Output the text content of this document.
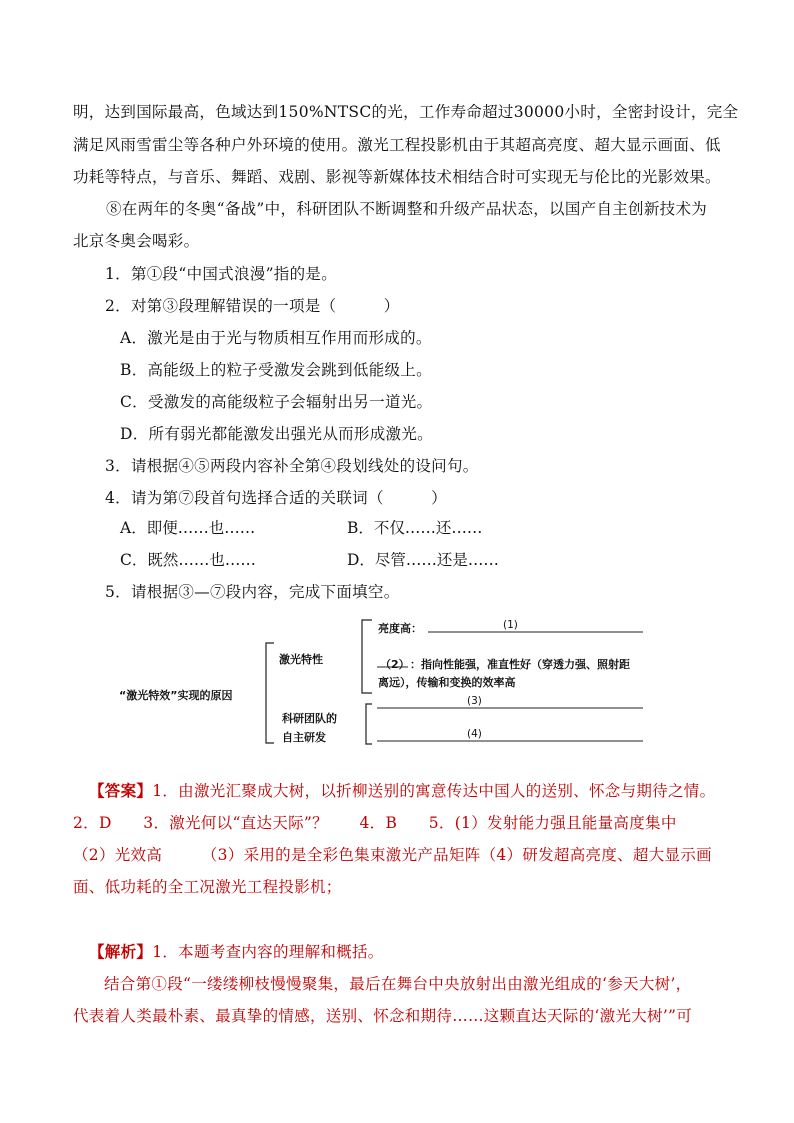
明，达到国际最高，色域达到150%NTSC的光，工作寿命超过30000小时，全密封设计，完全
满足风雨雪雷尘等各种户外环境的使用。激光工程投影机由于其超高亮度、超大显示画面、低
功耗等特点，与音乐、舞蹈、戏剧、影视等新媒体技术相结合时可实现无与伦比的光影效果。
⑧在两年的冬奥“备战”中，科研团队不断调整和升级产品状态，以国产自主创新技术为
北京冬奥会喝彩。
1．第①段“中国式浪漫”指的是。
2．对第③段理解错误的一项是（　　　）
A．激光是由于光与物质相互作用而形成的。
B．高能级上的粒子受激发会跳到低能级上。
C．受激发的高能级粒子会辐射出另一道光。
D．所有弱光都能激发出强光从而形成激光。
3．请根据④⑤两段内容补全第④段划线处的设问句。
4．请为第⑦段首句选择合适的关联词（　　　）
A．即便……也……	B．不仅……还……
C．既然……也……	D．尽管……还是……
5．请根据③—⑦段内容，完成下面填空。
“激光特效”实现的原因
激光特性
科研团队的
自主研发
亮度高：	(1)
（2） ：指向性能强，准直性好（穿透力强、照射距
离远），传输和变换的效率高
(3)
(4)
【答案】1．由激光汇聚成大树，以折柳送别的寓意传达中国人的送别、怀念与期待之情。
2．D　　3．激光何以“直达天际”？　　4．B　　5．(1）发射能力强且能量高度集中
（2）光效高　　　（3）采用的是全彩色集束激光产品矩阵（4）研发超高亮度、超大显示画
面、低功耗的全工况激光工程投影机；
【解析】1．本题考查内容的理解和概括。
结合第①段“一缕缕柳枝慢慢聚集，最后在舞台中央放射出由激光组成的‘参天大树’，
代表着人类最朴素、最真挚的情感，送别、怀念和期待……这颗直达天际的‘激光大树’”可
